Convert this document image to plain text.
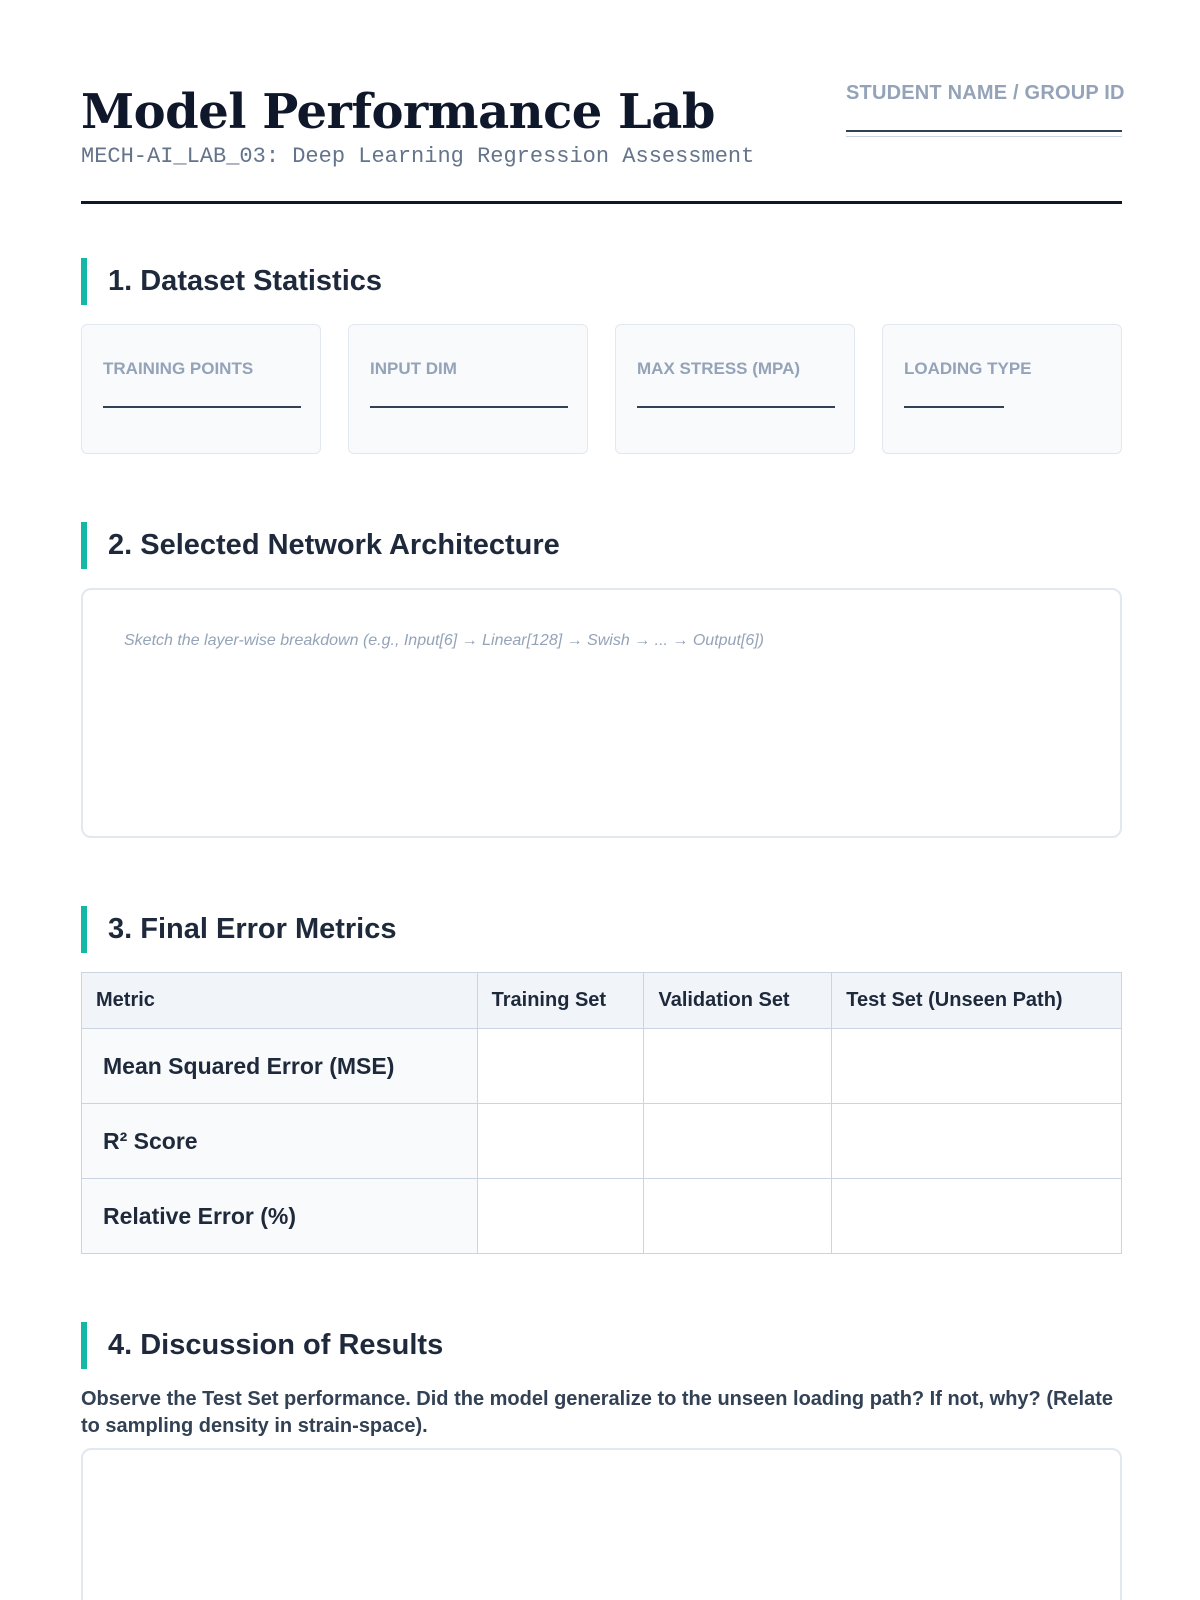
Model Performance Lab
MECH-AI_LAB_03: Deep Learning Regression Assessment
STUDENT NAME / GROUP ID
1. Dataset Statistics
TRAINING POINTS	INPUT DIM	MAX STRESS (MPA)	LOADING TYPE
2. Selected Network Architecture
Sketch the layer-wise breakdown (e.g., Input[6] → Linear[128] → Swish → ... → Output[6])
3. Final Error Metrics
Metric	Training Set	Validation Set	Test Set (Unseen Path)
Mean Squared Error (MSE)			
R² Score			
Relative Error (%)			
4. Discussion of Results

Observe the Test Set performance. Did the model generalize to the unseen loading path? If not, why? (Relate to sampling density in strain-space).
